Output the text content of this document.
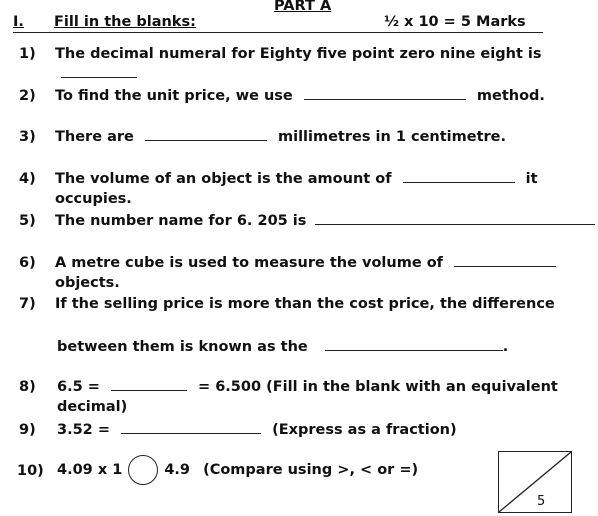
PART A
I. Fill in the blanks:	½ x 10 = 5 Marks
1)	The decimal numeral for Eighty five point zero nine eight is
2)	To find the unit price, we use	method.
3)	There are	millimetres in 1 centimetre.
4)	The volume of an object is the amount of	it occupies.
5)	The number name for 6. 205 is
6)	A metre cube is used to measure the volume of objects.
7)	If the selling price is more than the cost price, the difference
between them is known as the	.
8)	6.5 =	= 6.500 (Fill in the blank with an equivalent decimal)
9)	3.52 =	(Express as a fraction)
10) 4.09 x 1	4.9 (Compare using >, < or =)
5
